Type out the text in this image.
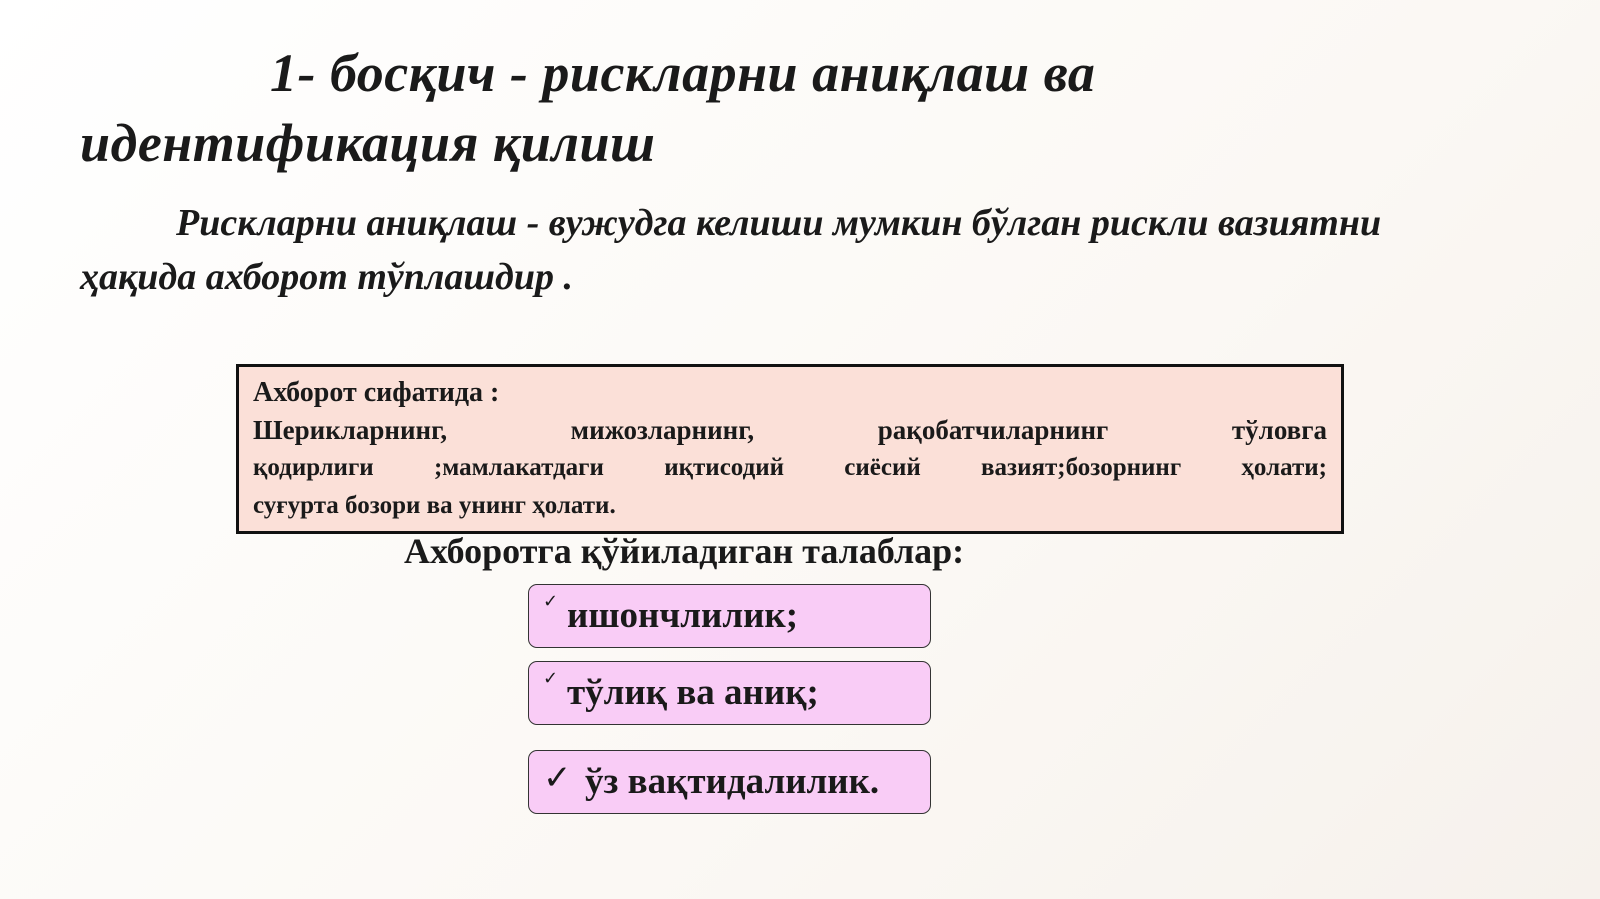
1- босқич - рискларни аниқлаш ва
идентификация қилиш

Рискларни аниқлаш - вужудга келиши мумкин бўлган рискли вазиятни
ҳақида ахборот тўплашдир .

Ахборот сифатида :
Шерикларнинг, мижозларнинг, рақобатчиларнинг тўловга
қодирлиги ;мамлакатдаги иқтисодий сиёсий вазият;бозорнинг ҳолати;
суғурта бозори ва унинг ҳолати.
Ахборотга қўйиладиган талаблар:
✓ ишончлилик;
✓ тўлиқ ва аниқ;
✓ ўз вақтидалилик.
